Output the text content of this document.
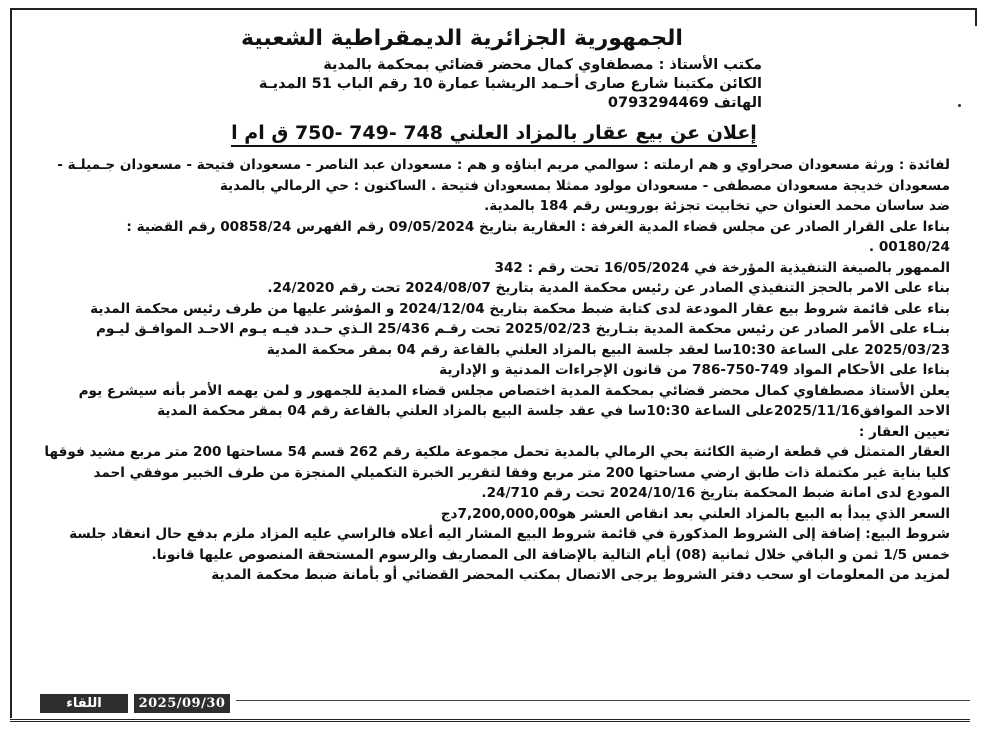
الجمهورية الجزائرية الديمقراطية الشعبية
مكتب الأستاذ : مصطفاوي كمال محضر قضائي بمحكمة بالمدية
الكائن مكتبنا شارع صارى أحـمد الريشبا عمارة 10 رقم الباب 51 المديـة
الهاتف 0793294469
إعلان عن بيع عقار بالمزاد العلني 748 -749 -750 ق ام ا
لفائدة : ورثة مسعودان صحراوي و هم ارملته : سوالمي مريم ابناؤه و هم : مسعودان عبد الناصر - مسعودان فتيحة - مسعودان جـميلـة -
مسعودان خديجة مسعودان مصطفى - مسعودان مولود ممثلا بمسعودان فتيحة . الساكنون : حي الرمالي بالمدية
ضد ساسان محمد العنوان حي تخابيت تجزئة بورويس رقم 184 بالمدية.
بناءا على القرار الصادر عن مجلس قضاء المدية الغرفة : العقارية بتاريخ 09/05/2024 رقم الفهرس 00858/24 رقم القضية :
00180/24 .
الممهور بالصيغة التنفيذية المؤرخة في 16/05/2024 تحت رقم : 342
بناء على الامر بالحجز التنفيذي الصادر عن رئيس محكمة المدية بتاريخ 2024/08/07 تحت رقم 24/2020.
بناء على قائمة شروط بيع عقار المودعة لدى كتابة ضبط محكمة بتاريخ 2024/12/04 و المؤشر عليها من طرف رئيس محكمة المدية
بنـاء على الأمر الصادر عن رئيس محكمة المدية بتـاريخ 2025/02/23 تحت رقـم 25/436 الـذي حـدد فيـه يـوم الاحـد الموافـق ليـوم
2025/03/23 على الساعة 10:30سا لعقد جلسة البيع بالمزاد العلني بالقاعة رقم 04 بمقر محكمة المدية
بناءا على الأحكام المواد 749-750-786 من قانون الإجراءات المدنية و الإدارية
يعلن الأستاذ مصطفاوي كمال محضر قضائي بمحكمة المدية اختصاص مجلس قضاء المدية للجمهور و لمن يهمه الأمر بأنه سيشرع يوم
الاحد الموافق2025/11/16على الساعة 10:30سا في عقد جلسة البيع بالمزاد العلني بالقاعة رقم 04 بمقر محكمة المدية
تعيين العقار :
العقار المتمثل في قطعة ارضية الكائنة بحي الرمالي بالمدية تحمل مجموعة ملكية رقم 262 قسم 54 مساحتها 200 متر مربع مشيد فوقها
كليا بناية غير مكتملة ذات طابق ارضي مساحتها 200 متر مربع وفقا لتقرير الخبرة التكميلي المنجزة من طرف الخبير موفقي احمد
المودع لدى امانة ضبط المحكمة بتاريخ 2024/10/16 تحت رقم 24/710.
السعر الذي يبدأ به البيع بالمزاد العلني بعد انقاص العشر هو7,200,000,00دج
شروط البيع: إضافة إلى الشروط المذكورة في قائمة شروط البيع المشار اليه أعلاه فالراسي عليه المزاد ملزم بدفع حال انعقاد جلسة
خمس 1/5 ثمن و الباقي خلال ثمانية (08) أيام التالية بالإضافة الى المصاريف والرسوم المستحقة المنصوص عليها قانونا.
لمزيد من المعلومات او سحب دفتر الشروط يرجى الاتصال بمكتب المحضر القضائي أو بأمانة ضبط محكمة المدية
اللقاء	2025/09/30
